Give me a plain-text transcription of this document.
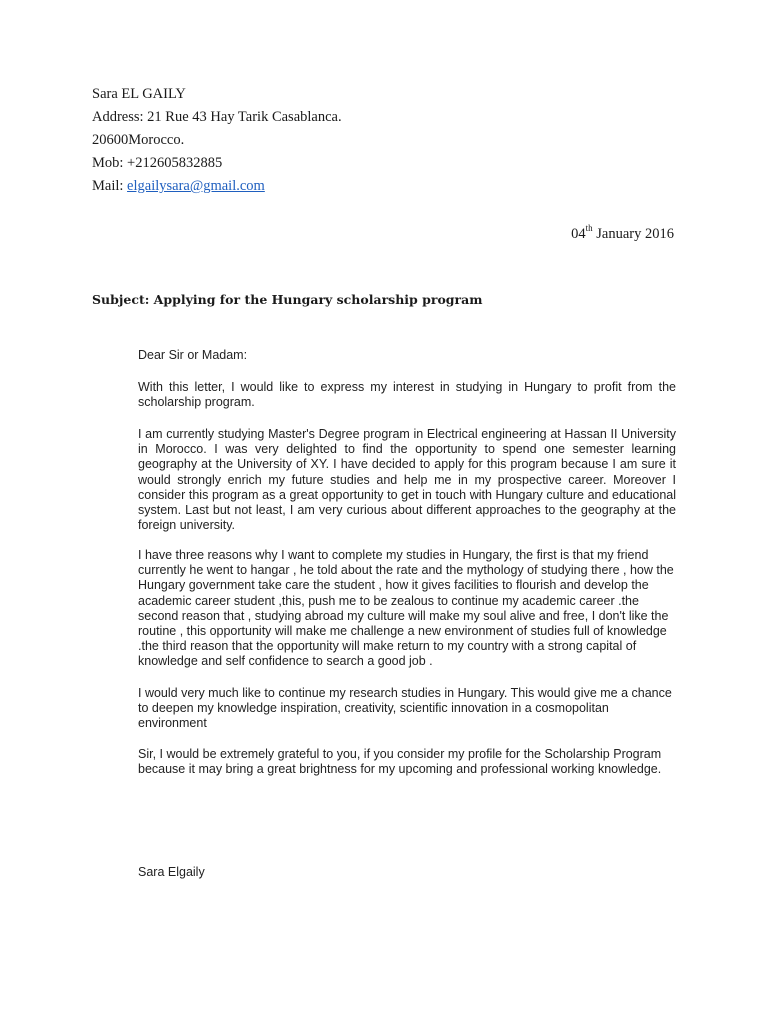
Sara EL GAILY
Address: 21 Rue 43 Hay Tarik Casablanca.
20600Morocco.
Mob: +212605832885
Mail: elgailysara@gmail.com
04th January 2016
Subject: Applying for the Hungary scholarship program

Dear Sir or Madam:

With this letter, I would like to express my interest in studying in Hungary to profit from the scholarship program.

I am currently studying Master's Degree program in Electrical engineering at Hassan II University in Morocco. I was very delighted to find the opportunity to spend one semester learning geography at the University of XY. I have decided to apply for this program because I am sure it would strongly enrich my future studies and help me in my prospective career. Moreover I consider this program as a great opportunity to get in touch with Hungary culture and educational system. Last but not least, I am very curious about different approaches to the geography at the foreign university.

I have three reasons why I want to complete my studies in Hungary, the first is that my friend currently he went to hangar , he told about the rate and the mythology of studying there , how the Hungary government take care the student , how it gives facilities to flourish and develop the academic career student ,this, push me to be zealous to continue my academic career .the second reason that , studying abroad my culture will make my soul alive and free, I don't like the routine , this opportunity will make me challenge a new environment of studies full of knowledge .the third reason that the opportunity will make return to my country with a strong capital of knowledge and self confidence to search a good job .

I would very much like to continue my research studies in Hungary. This would give me a chance to deepen my knowledge inspiration, creativity, scientific innovation in a cosmopolitan environment

Sir, I would be extremely grateful to you, if you consider my profile for the Scholarship Program because it may bring a great brightness for my upcoming and professional working knowledge.

Sara Elgaily
